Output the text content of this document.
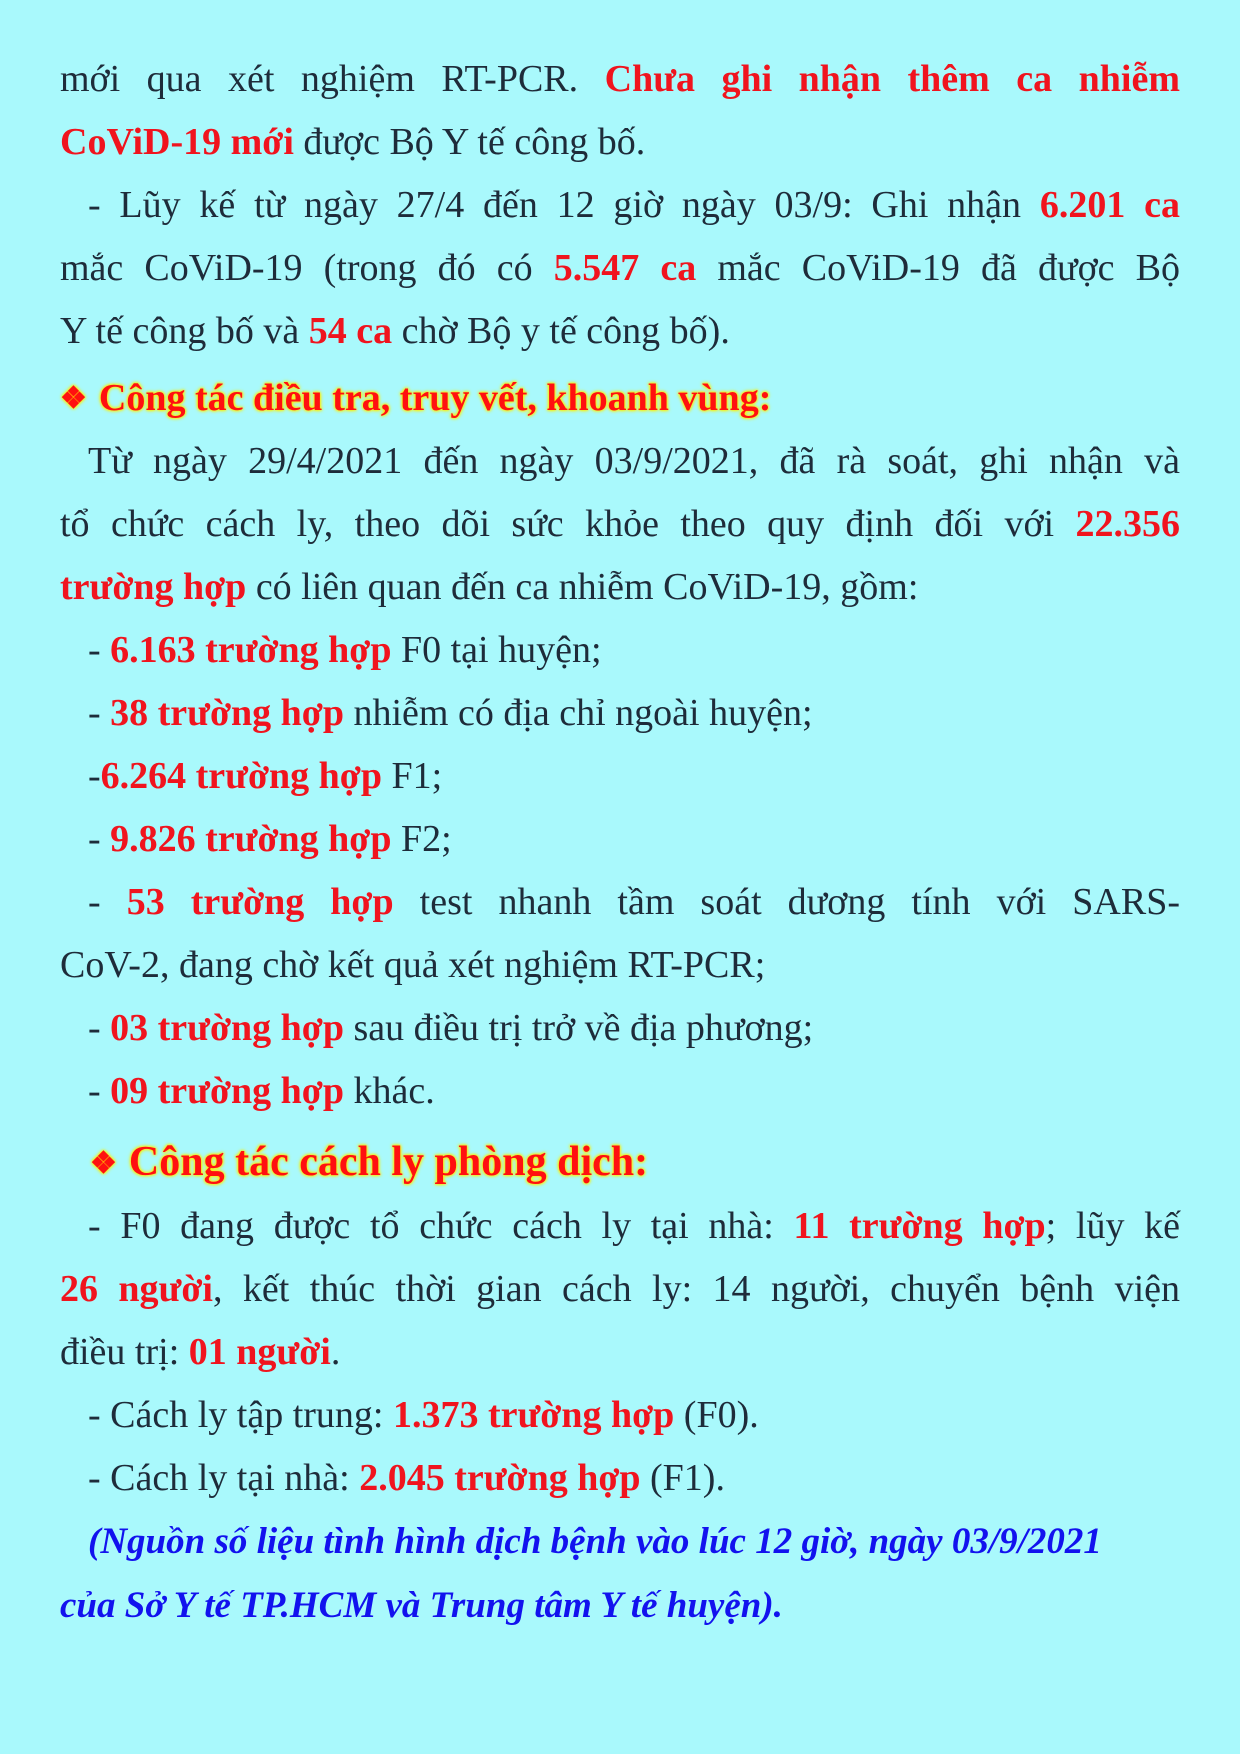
mới qua xét nghiệm RT-PCR. Chưa ghi nhận thêm ca nhiễm
CoViD-19 mới được Bộ Y tế công bố.
- Lũy kế từ ngày 27/4 đến 12 giờ ngày 03/9: Ghi nhận 6.201 ca
mắc CoViD-19 (trong đó có 5.547 ca mắc CoViD-19 đã được Bộ
Y tế công bố và 54 ca chờ Bộ y tế công bố).
❖ Công tác điều tra, truy vết, khoanh vùng:
Từ ngày 29/4/2021 đến ngày 03/9/2021, đã rà soát, ghi nhận và
tổ chức cách ly, theo dõi sức khỏe theo quy định đối với 22.356
trường hợp có liên quan đến ca nhiễm CoViD-19, gồm:
- 6.163 trường hợp F0 tại huyện;
- 38 trường hợp nhiễm có địa chỉ ngoài huyện;
-6.264 trường hợp F1;
- 9.826 trường hợp F2;
- 53 trường hợp test nhanh tầm soát dương tính với SARS-
CoV-2, đang chờ kết quả xét nghiệm RT-PCR;
- 03 trường hợp sau điều trị trở về địa phương;
- 09 trường hợp khác.
❖ Công tác cách ly phòng dịch:
- F0 đang được tổ chức cách ly tại nhà: 11 trường hợp; lũy kế
26 người, kết thúc thời gian cách ly: 14 người, chuyển bệnh viện
điều trị: 01 người.
- Cách ly tập trung: 1.373 trường hợp (F0).
- Cách ly tại nhà: 2.045 trường hợp (F1).
(Nguồn số liệu tình hình dịch bệnh vào lúc 12 giờ, ngày 03/9/2021
của Sở Y tế TP.HCM và Trung tâm Y tế huyện).
